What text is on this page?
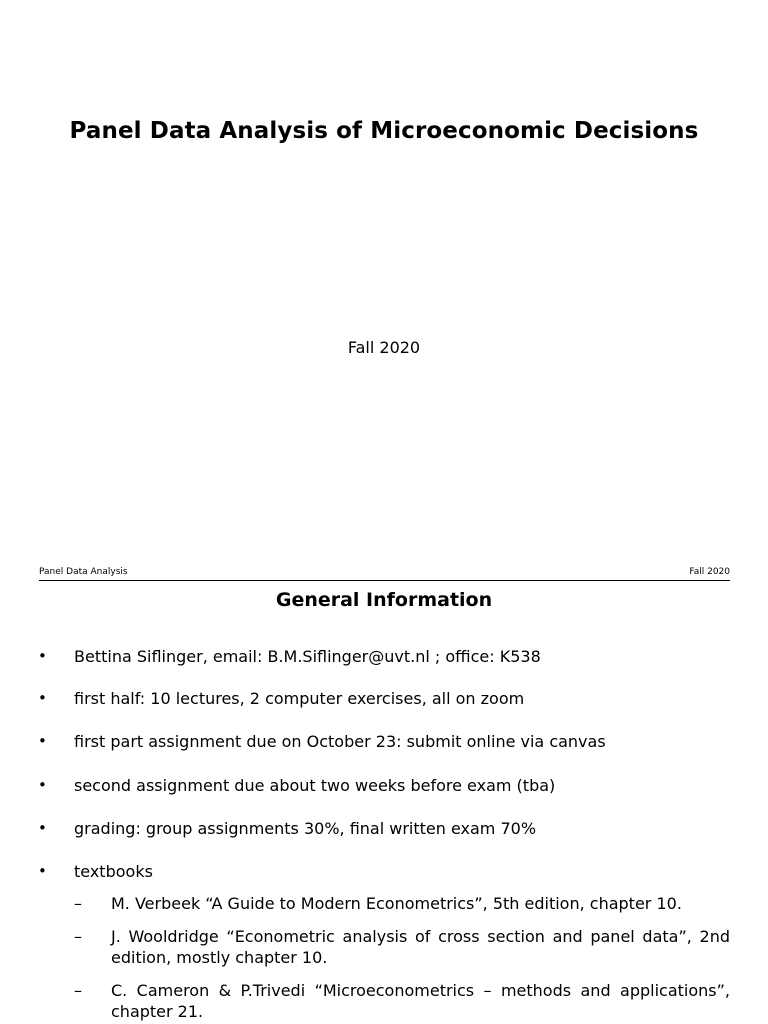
Panel Data Analysis of Microeconomic Decisions
Fall 2020
Panel Data Analysis	Fall 2020
General Information
• Bettina Siflinger, email: B.M.Siflinger@uvt.nl ; office: K538
• first half: 10 lectures, 2 computer exercises, all on zoom
• first part assignment due on October 23: submit online via canvas
• second assignment due about two weeks before exam (tba)
• grading: group assignments 30%, final written exam 70%
• textbooks
– M. Verbeek “A Guide to Modern Econometrics”, 5th edition, chapter 10.
– J. Wooldridge “Econometric analysis of cross section and panel data”, 2nd edition, mostly chapter 10.
– C. Cameron & P.Trivedi “Microeconometrics – methods and applications”, chapter 21.
